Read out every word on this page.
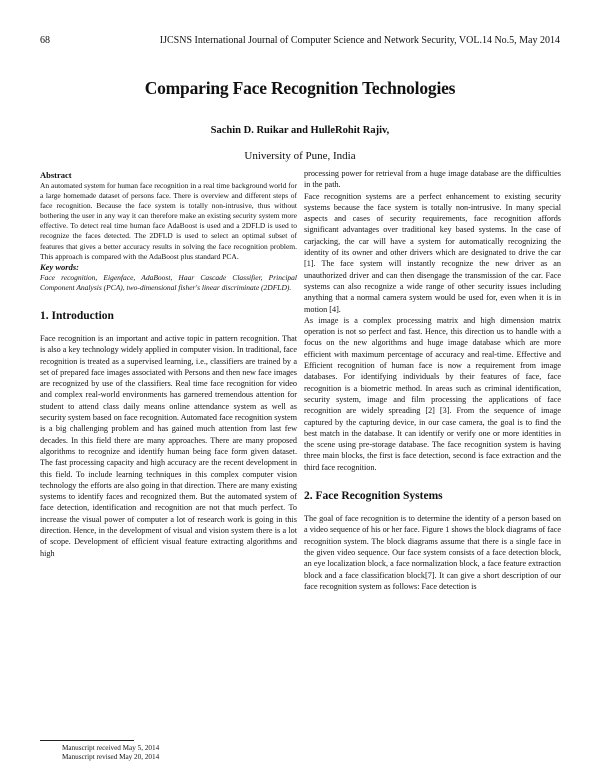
68	IJCSNS International Journal of Computer Science and Network Security, VOL.14 No.5, May 2014
Comparing Face Recognition Technologies
Sachin D. Ruikar and HulleRohit Rajiv,
University of Pune, India
Abstract

An automated system for human face recognition in a real time background world for a large homemade dataset of persons face. There is overview and different steps of face recognition. Because the face system is totally non-intrusive, thus without bothering the user in any way it can therefore make an existing security system more effective. To detect real time human face AdaBoost is used and a 2DFLD is used to recognize the faces detected. The 2DFLD is used to select an optimal subset of features that gives a better accuracy results in solving the face recognition problem. This approach is compared with the AdaBoost plus standard PCA.

Key words:

Face recognition, Eigenface, AdaBoost, Haar Cascade Classifier, Principal Component Analysis (PCA), two-dimensional fisher's linear discriminate (2DFLD).

1. Introduction

Face recognition is an important and active topic in pattern recognition. That is also a key technology widely applied in computer vision. In traditional, face recognition is treated as a supervised learning, i.e., classifiers are trained by a set of prepared face images associated with Persons and then new face images are recognized by use of the classifiers. Real time face recognition for video and complex real-world environments has garnered tremendous attention for student to attend class daily means online attendance system as well as security system based on face recognition. Automated face recognition system is a big challenging problem and has gained much attention from last few decades. In this field there are many approaches. There are many proposed algorithms to recognize and identify human being face form given dataset. The fast processing capacity and high accuracy are the recent development in this field. To include learning techniques in this complex computer vision technology the efforts are also going in that direction. There are many existing systems to identify faces and recognized them. But the automated system of face detection, identification and recognition are not that much perfect. To increase the visual power of computer a lot of research work is going in this direction. Hence, in the development of visual and vision system there is a lot of scope. Development of efficient visual feature extracting algorithms and high

processing power for retrieval from a huge image database are the difficulties in the path.

Face recognition systems are a perfect enhancement to existing security systems because the face system is totally non-intrusive. In many special aspects and cases of security requirements, face recognition affords significant advantages over traditional key based systems. In the case of carjacking, the car will have a system for automatically recognizing the identity of its owner and other drivers which are designated to drive the car [1]. The face system will instantly recognize the new driver as an unauthorized driver and can then disengage the transmission of the car. Face systems can also recognize a wide range of other security issues including anything that a normal camera system would be used for, even when it is in motion [4].

As image is a complex processing matrix and high dimension matrix operation is not so perfect and fast. Hence, this direction us to handle with a focus on the new algorithms and huge image database which are more efficient with maximum percentage of accuracy and real-time. Effective and Efficient recognition of human face is now a requirement from image databases. For identifying individuals by their features of face, face recognition is a biometric method. In areas such as criminal identification, security system, image and film processing the applications of face recognition are widely spreading [2] [3]. From the sequence of image captured by the capturing device, in our case camera, the goal is to find the best match in the database. It can identify or verify one or more identities in the scene using pre-storage database. The face recognition system is having three main blocks, the first is face detection, second is face extraction and the third face recognition.

2. Face Recognition Systems

The goal of face recognition is to determine the identity of a person based on a video sequence of his or her face. Figure 1 shows the block diagrams of face recognition system. The block diagrams assume that there is a single face in the given video sequence. Our face system consists of a face detection block, an eye localization block, a face normalization block, a face feature extraction block and a face classification block[7]. It can give a short description of our face recognition system as follows: Face detection is

Manuscript received May 5, 2014
Manuscript revised May 20, 2014
